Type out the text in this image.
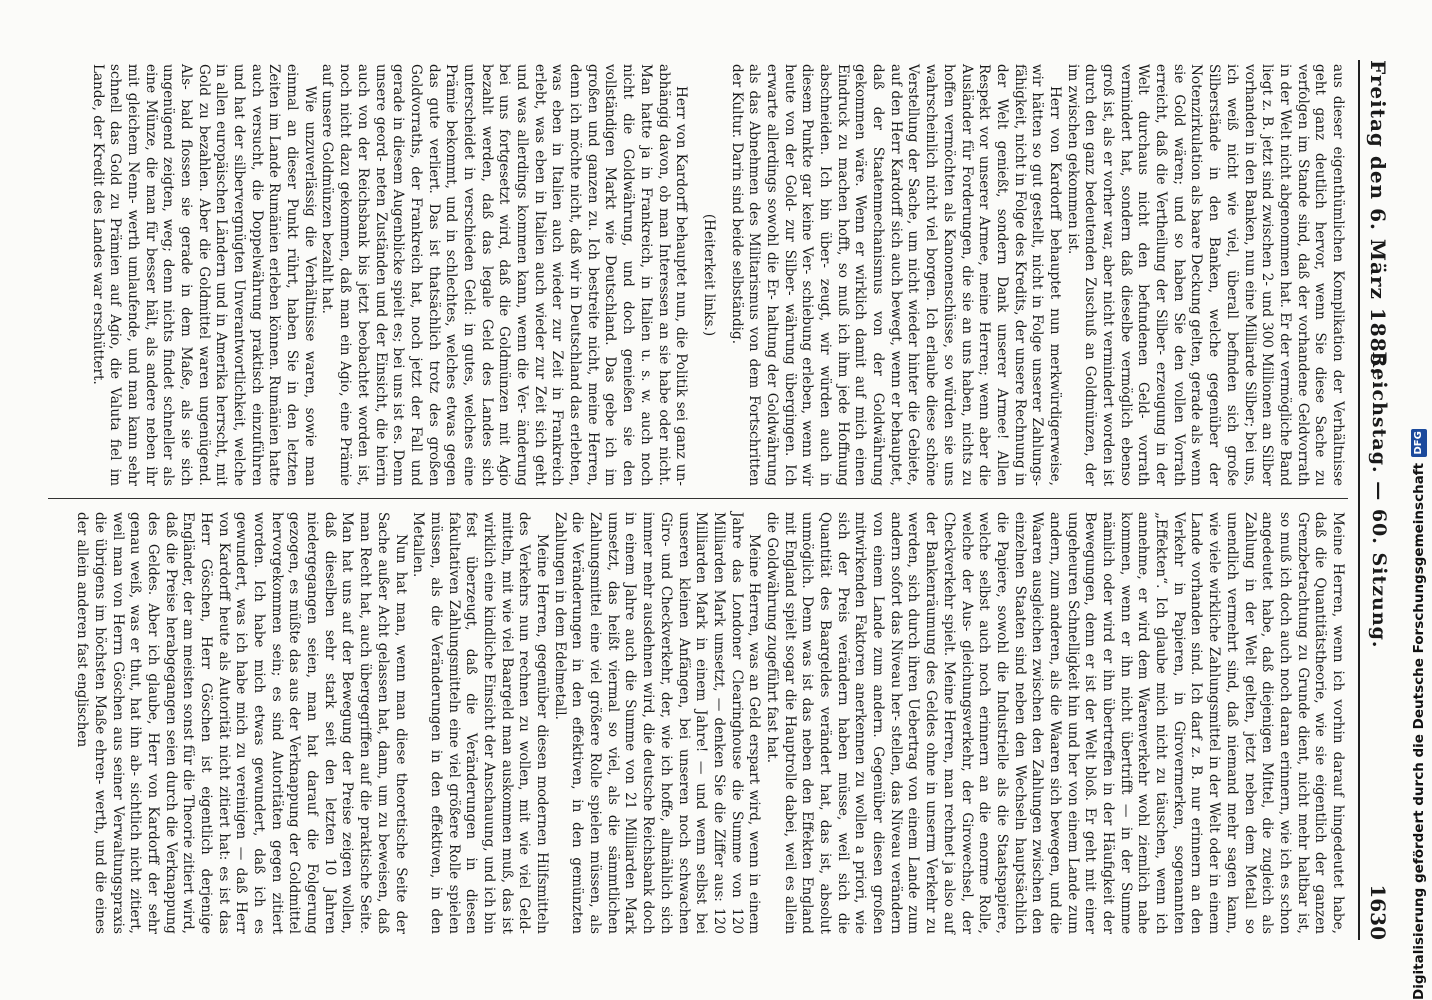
Freitag den 6. März 1885.
Reichstag. — 60. Sitzung.
1630

aus dieser eigenthümlichen Komplikation der Verhältnisse geht ganz deutlich hervor, wenn Sie diese Sache zu verfolgen im Stande sind, daß der vorhandene Geldvorrath in der Welt nicht abgenommen hat. Er der vermögliche Band liegt z. B. jetzt sind zwischen 2- und 300 Millionen an Silber vorhanden in den Banken, nun eine Milliarde Silber; bei uns, ich weiß nicht wie viel, überall befinden sich große Silberstände in den Banken, welche gegenüber der Notenzirkulation als baare Deckung gelten, gerade als wenn sie Gold wären; und so haben Sie den vollen Vorrath erreicht, daß die Vertheilung der Silber- erzeugung in der Welt durchaus nicht den befundenen Geld- vorrath vermindert hat, sondern daß dieselbe vermöglich ebenso groß ist, als er vorher war, aber nicht vermindert worden ist durch den ganz bedeutenden Zuschuß an Goldmünzen, der im zwischen gekommen ist.

Herr von Kardorff behauptet nun merkwürdigerweise, wir hätten so gut gestellt, nicht in Folge unserer Zahlungs- fähigkeit, nicht in Folge des Kredits, der unsere Rechnung in der Welt genießt, sondern Dank unserer Armee! Allen Respekt vor unserer Armee, meine Herren; wenn aber die Ausländer für Forderungen, die sie an uns haben, nichts zu hoffen vermöchten als Kanonenschüsse, so würden sie uns wahrscheinlich nicht viel borgen. Ich erlaube diese schöne Verstellung der Sache, um nicht wieder hinter die Gebiete, auf den Herr Kardorff sich auch bewegt, wenn er behauptet, daß der Staatenmechanismus von der Goldwährung gekommen wäre. Wenn er wirklich damit auf mich einen Eindruck zu machen hofft, so muß ich ihm jede Hoffnung abschneiden. Ich bin über- zeugt, wir würden auch in diesem Punkte gar keine Ver- schiebung erleben, wenn wir heute von der Gold- zur Silber- währung übergingen. Ich erwarte allerdings sowohl die Er- haltung der Goldwährung als das Abnehmen des Militarismus von dem Fortschritten der Kultur. Darin sind beide selbständig.

(Heiterkeit links.)

Herr von Kardorff behauptet nun, die Politik sei ganz un- abhängig davon, ob man Interessen an sie habe oder nicht. Man hatte ja in Frankreich, in Italien u. s. w. auch noch nicht die Goldwährung, und doch genießen sie den vollständigen Markt wie Deutschland. Das gebe ich im großen und ganzen zu. Ich bestreite nicht, meine Herren, denn ich möchte nicht, daß wir in Deutschland das erlebten, was eben in Italien auch wieder zur Zeit in Frankreich erlebt, was eben in Italien auch wieder zur Zeit sich geht und was allerdings kommen kann, wenn die Ver- änderung bei uns fortgesetzt wird, daß die Goldmünzen mit Agio bezahlt werden, daß das legale Geld des Landes sich unterscheidet in verschieden Geld: in gutes, welches eine Prämie bekommt, und in schlechtes, welches etwas gegen das gute verliert. Das ist thatsächlich trotz des großen Goldvorraths, der Frankreich hat, noch jetzt der Fall und gerade in diesem Augenblicke spielt es; bei uns ist es. Denn unsere geord- neten Zuständen und der Einsicht, die hierin auch von der Reichsbank bis jetzt beobachtet worden ist, noch nicht dazu gekommen, daß man ein Agio, eine Prämie auf unsere Goldmünzen bezahlt hat.

Wie unzuverlässig die Verhältnisse waren, sowie man einmal an dieser Punkt rührt, haben Sie in den letzten Zeiten im Lande Rumänien erleben können. Rumänien hatte auch versucht, die Doppelwährung praktisch einzuführen und hat der silbervergnügten Unverantwortlichkeit, welche in allen europäischen Ländern und in Amerika herrscht, mit Gold zu bezahlen. Aber die Goldmittel waren ungenügend. Als- bald flossen sie gerade in dem Maße, als sie sich ungenügend zeigten, weg; denn nichts findet schneller als eine Münze, die man für besser hält, als andere neben ihr mit gleichem Nenn- werth umlaufende, und man kann sehr schnell das Gold zu Prämien auf Agio, die Valuta fiel im Lande, der Kredit des Landes war erschüttert.

Meine Herren, wenn ich vorhin darauf hingedeutet habe, daß die Quantitätstheorie, wie sie eigentlich der ganzen Grenzbetrachtung zu Grunde dient, nicht mehr haltbar ist, so muß ich doch auch noch daran erinnern, wie ich es schon angedeutet habe, daß diejenigen Mittel, die zugleich als Zahlung in der Welt gelten, jetzt neben dem Metall so unendlich vermehrt sind, daß niemand mehr sagen kann, wie viele wirkliche Zahlungsmittel in der Welt oder in einem Lande vorhanden sind. Ich darf z. B. nur erinnern an den Verkehr in Papieren, in Girovermerken, sogenannten „Effekten“. Ich glaube mich nicht zu täuschen, wenn ich annehme, er wird dem Warenverkehr wohl ziemlich nahe kommen, wenn er ihn nicht übertrifft — in der Summe nämlich oder wird er ihn übertreffen in der Häufigkeit der Bewegungen, denn er ist der Welt bloß. Er geht mit einer ungeheuren Schnelligkeit hin und her von einem Lande zum andern, zum anderen, als die Waaren sich bewegen, und die Waaren ausgleichen zwischen den Zahlungen zwischen den einzelnen Staaten sind neben den Wechseln hauptsächlich die Papiere, sowohl die Industrielle als die Staatspapiere, welche selbst auch noch erinnern an die enorme Rolle, welche der Aus- gleichungsverkehr, der Girowechsel, der Checkverkehr spielt. Meine Herren, man rechnet ja also auf der Bankenräumung des Geldes ohne in unserm Verkehr zu werden, sich durch ihren Uebertrag von einem Lande zum andern sofort das Niveau her- stellen, das Niveau verändern von einem Lande zum andern. Gegenüber diesen großen mitwirkenden Faktoren anerkennen zu wollen a priori, wie sich der Preis verändern haben müsse, weil sich die Quantität des Baargeldes verändert hat, das ist, absolut unmöglich. Denn was ist das neben den Effekten England mit England spielt sogar die Hauptrolle dabei, weil es allein die Goldwährung zugeführt fast hat.

Meine Herren, was an Geld erspart wird, wenn in einem Jahre das Londoner Clearinghouse die Summe von 120 Milliarden Mark umsetzt, — denken Sie die Ziffer aus: 120 Milliarden Mark in einem Jahre! — und wenn selbst bei unseren kleinen Anfängen, bei unseren noch schwachen Giro- und Checkverkehr, der, wie ich hoffe, allmählich sich immer mehr ausdehnen wird, die deutsche Reichsbank doch in einem Jahre auch die Summe von 21 Milliarden Mark umsetzt, das heißt viermal so viel, als die sämmtlichen Zahlungsmittel eine viel größere Rolle spielen müssen, als die Veränderungen in den effektiven, in den gemünzten Zahlungen in dem Edelmetall.

Meine Herren, gegenüber diesen modernen Hilfsmitteln des Verkehrs nun rechnen zu wollen, mit wie viel Geld- mitteln, mit wie viel Baargeld man auskommen muß, das ist wirklich eine kindliche Einsicht der Anschauung, und ich bin fest überzeugt, daß die Veränderungen in diesen fakultativen Zahlungsmitteln eine viel größere Rolle spielen müssen, als die Veränderungen in den effektiven, in den Metallen.

Nun hat man, wenn man diese theoretische Seite der Sache außer Acht gelassen hat, dann, um zu beweisen, daß man Recht hat, auch übergegriffen auf die praktische Seite. Man hat uns auf der Bewegung der Preise zeigen wollen, daß dieselben sehr stark seit den letzten 10 Jahren niedergegangen seien, man hat darauf die Folgerung gezogen, es müßte das aus der Verknappung der Goldmittel hervorgekommen sein; es sind Autoritäten gegen zitiert worden. Ich habe mich etwas gewundert, daß ich es gewundert, was ich habe mich zu vereinigen — daß Herr von Kardorff heute als Autorität nicht zitiert hat: es ist das Herr Göschen, Herr Göschen ist eigentlich derjenige Engländer, der am meisten sonst für die Theorie zitiert wird, daß die Preise herabgegangen seien durch die Verknappung des Geldes. Aber ich glaube, Herr von Kardorff der sehr genau weiß, was er thut, hat ihn ab- sichtlich nicht zitiert, weil man von Herrn Göschen aus seiner Verwaltungspraxis die übrigens im höchsten Maße ehren- werth, und die eines der allein anderen fast englischen	Digitalisierung gefördert durch die Deutsche Forschungsgemeinschaft
DFG
